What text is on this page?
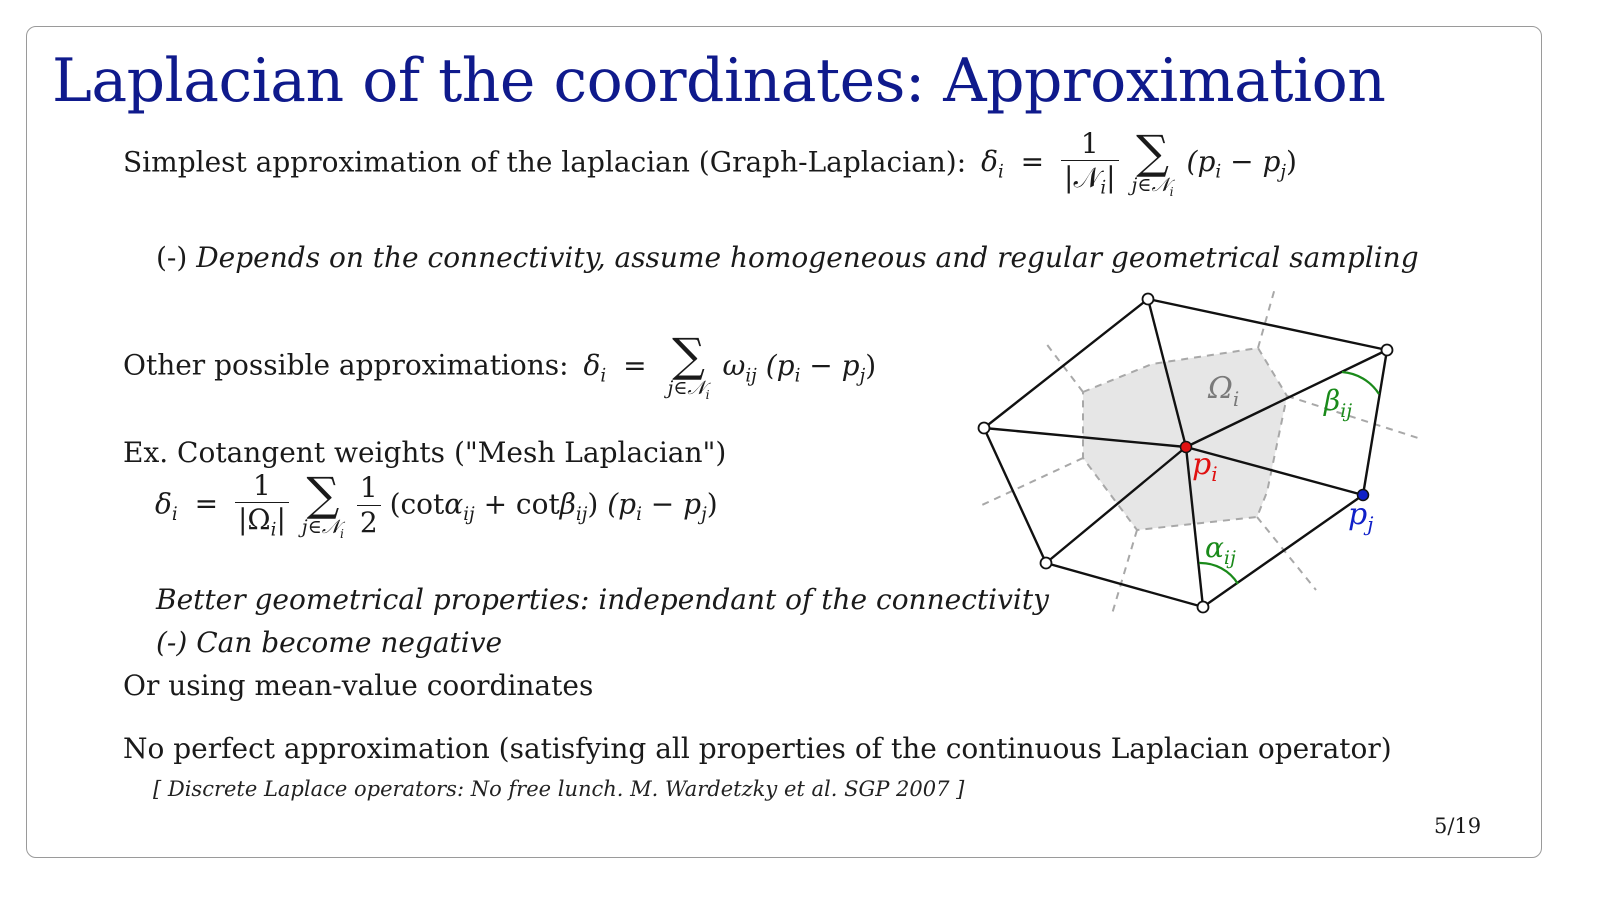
Laplacian of the coordinates: Approximation
Simplest approximation of the laplacian (Graph-Laplacian): $\delta_i = \frac{1}{|𝒩_i|}$
∑
j∈𝒩$_i$
$(p_i - p_j)$
(-) Depends on the connectivity, assume homogeneous and regular geometrical sampling
Other possible approximations: $\delta_i$ = ∑
j∈𝒩$_i$
$\omega_{ij}$ $(p_i - p_j)$
Ex. Cotangent weights ("Mesh Laplacian")
$\delta_i = \frac{1}{|\Omega_i|}$
∑
j∈𝒩$_i$
$\frac{1}{2} (\cot\alpha_{ij} + \cot\beta_{ij}) (p_i - p_j)$
Better geometrical properties: independant of the connectivity
(-) Can become negative
Or using mean-value coordinates
No perfect approximation (satisfying all properties of the continuous Laplacian operator)
[ Discrete Laplace operators: No free lunch. M. Wardetzky et al. SGP 2007 ]
5/19
$\Omega_i$	$\beta_{ij}$
$\alpha_{ij}$
$p_i$
$p_j$
